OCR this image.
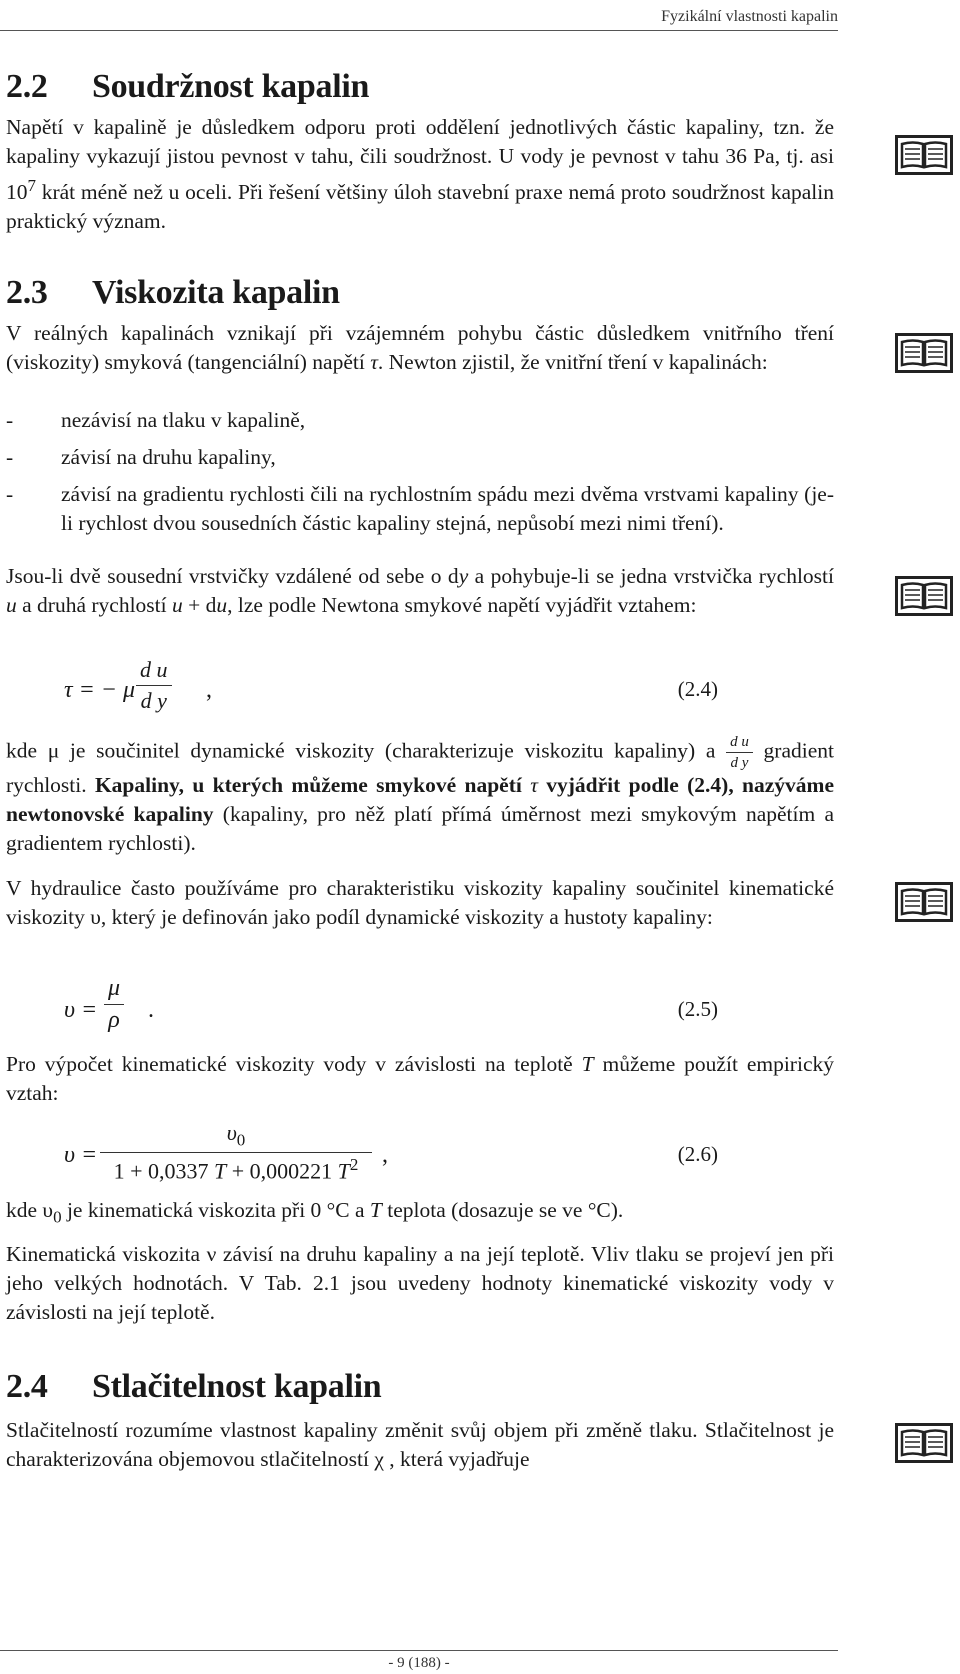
Fyzikální vlastnosti kapalin
2.2 Soudržnost kapalin
Napětí v kapalině je důsledkem odporu proti oddělení jednotlivých částic kapaliny, tzn. že kapaliny vykazují jistou pevnost v tahu, čili soudržnost. U vody je pevnost v tahu 36 Pa, tj. asi $10^7$ krát méně než u oceli. Při řešení většiny úloh stavební praxe nemá proto soudržnost kapalin praktický význam.
2.3 Viskozita kapalin
V reálných kapalinách vznikají při vzájemném pohybu částic důsledkem vnitřního tření (viskozity) smyková (tangenciální) napětí τ. Newton zjistil, že vnitřní tření v kapalinách:
- nezávisí na tlaku v kapalině,
- závisí na druhu kapaliny,
- závisí na gradientu rychlosti čili na rychlostním spádu mezi dvěma vrstvami kapaliny (je-li rychlost dvou sousedních částic kapaliny stejná, nepůsobí mezi nimi tření).
Jsou-li dvě sousední vrstvičky vzdálené od sebe o dy a pohybuje-li se jedna vrstvička rychlostí u a druhá rychlostí u + du, lze podle Newtona smykové napětí vyjádřit vztahem:
τ = − μ
d u
d y ,	(2.4)
kde μ je součinitel dynamické viskozity (charakterizuje viskozitu kapaliny) a $\frac{\text{d u}}{\text{d y}}$ gradient rychlosti. Kapaliny, u kterých můžeme smykové napětí τ vyjádřit podle (2.4), nazýváme newtonovské kapaliny (kapaliny, pro něž platí přímá úměrnost mezi smykovým napětím a gradientem rychlosti).
V hydraulice často používáme pro charakteristiku viskozity kapaliny součinitel kinematické viskozity υ, který je definován jako podíl dynamické viskozity a hustoty kapaliny:
υ =
μ
ρ .	(2.5)
Pro výpočet kinematické viskozity vody v závislosti na teplotě T můžeme použít empirický vztah:
υ =
$\upsilon_0$
1 + 0,0337 T + 0,000221 $T^2$ ,	(2.6)
kde $\upsilon_0$ je kinematická viskozita při 0 °C a T teplota (dosazuje se ve °C).
Kinematická viskozita ν závisí na druhu kapaliny a na její teplotě. Vliv tlaku se projeví jen při jeho velkých hodnotách. V Tab. 2.1 jsou uvedeny hodnoty kinematické viskozity vody v závislosti na její teplotě.
2.4 Stlačitelnost kapalin
Stlačitelností rozumíme vlastnost kapaliny změnit svůj objem při změně tlaku. Stlačitelnost je charakterizována objemovou stlačitelností χ , která vyjadřuje
- 9 (188) -
